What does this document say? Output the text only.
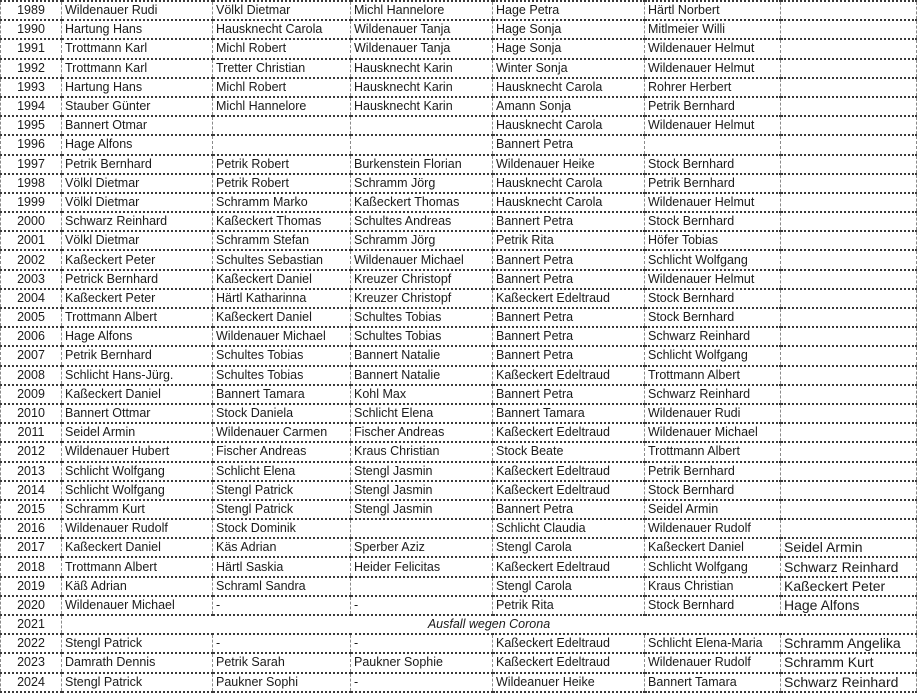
1989	Wildenauer Rudi	Völkl Dietmar	Michl Hannelore	Hage Petra	Härtl Norbert	
1990	Hartung Hans	Hausknecht Carola	Wildenauer Tanja	Hage Sonja	Mitlmeier Willi	
1991	Trottmann Karl	Michl Robert	Wildenauer Tanja	Hage Sonja	Wildenauer Helmut	
1992	Trottmann Karl	Tretter Christian	Hausknecht Karin	Winter Sonja	Wildenauer Helmut	
1993	Hartung Hans	Michl Robert	Hausknecht Karin	Hausknecht Carola	Rohrer Herbert	
1994	Stauber Günter	Michl Hannelore	Hausknecht Karin	Amann Sonja	Petrik Bernhard	
1995	Bannert Otmar			Hausknecht Carola	Wildenauer Helmut	
1996	Hage Alfons			Bannert Petra		
1997	Petrik Bernhard	Petrik Robert	Burkenstein Florian	Wildenauer Heike	Stock Bernhard	
1998	Völkl Dietmar	Petrik Robert	Schramm Jörg	Hausknecht Carola	Petrik Bernhard	
1999	Völkl Dietmar	Schramm Marko	Kaßeckert Thomas	Hausknecht Carola	Wildenauer Helmut	
2000	Schwarz Reinhard	Kaßeckert Thomas	Schultes Andreas	Bannert Petra	Stock Bernhard	
2001	Völkl Dietmar	Schramm Stefan	Schramm Jörg	Petrik Rita	Höfer Tobias	
2002	Kaßeckert Peter	Schultes Sebastian	Wildenauer Michael	Bannert Petra	Schlicht Wolfgang	
2003	Petrick Bernhard	Kaßeckert Daniel	Kreuzer Christopf	Bannert Petra	Wildenauer Helmut	
2004	Kaßeckert Peter	Härtl Katharinna	Kreuzer Christopf	Kaßeckert Edeltraud	Stock Bernhard	
2005	Trottmann Albert	Kaßeckert Daniel	Schultes Tobias	Bannert Petra	Stock Bernhard	
2006	Hage Alfons	Wildenauer Michael	Schultes Tobias	Bannert Petra	Schwarz Reinhard	
2007	Petrik Bernhard	Schultes Tobias	Bannert Natalie	Bannert Petra	Schlicht Wolfgang	
2008	Schlicht Hans-Jürg.	Schultes Tobias	Bannert Natalie	Kaßeckert Edeltraud	Trottmann Albert	
2009	Kaßeckert Daniel	Bannert Tamara	Kohl Max	Bannert Petra	Schwarz Reinhard	
2010	Bannert Ottmar	Stock Daniela	Schlicht Elena	Bannert Tamara	Wildenauer Rudi	
2011	Seidel Armin	Wildenauer Carmen	Fischer Andreas	Kaßeckert Edeltraud	Wildenauer Michael	
2012	Wildenauer Hubert	Fischer Andreas	Kraus Christian	Stock Beate	Trottmann Albert	
2013	Schlicht Wolfgang	Schlicht Elena	Stengl Jasmin	Kaßeckert Edeltraud	Petrik Bernhard	
2014	Schlicht Wolfgang	Stengl Patrick	Stengl Jasmin	Kaßeckert Edeltraud	Stock Bernhard	
2015	Schramm Kurt	Stengl Patrick	Stengl Jasmin	Bannert Petra	Seidel Armin	
2016	Wildenauer Rudolf	Stock Dominik		Schlicht Claudia	Wildenauer Rudolf	
2017	Kaßeckert Daniel	Käs Adrian	Sperber Aziz	Stengl Carola	Kaßeckert Daniel	Seidel Armin
2018	Trottmann Albert	Härtl Saskia	Heider Felicitas	Kaßeckert Edeltraud	Schlicht Wolfgang	Schwarz Reinhard
2019	Käß Adrian	Schraml Sandra		Stengl Carola	Kraus Christian	Kaßeckert Peter
2020	Wildenauer Michael	-	-	Petrik Rita	Stock Bernhard	Hage Alfons
2021	Ausfall wegen Corona					
2022	Stengl Patrick	-	-	Kaßeckert Edeltraud	Schlicht Elena-Maria	Schramm Angelika
2023	Damrath Dennis	Petrik Sarah	Paukner Sophie	Kaßeckert Edeltraud	Wildenauer Rudolf	Schramm Kurt
2024	Stengl Patrick	Paukner Sophi	-	Wildeanuer Heike	Bannert Tamara	Schwarz Reinhard
